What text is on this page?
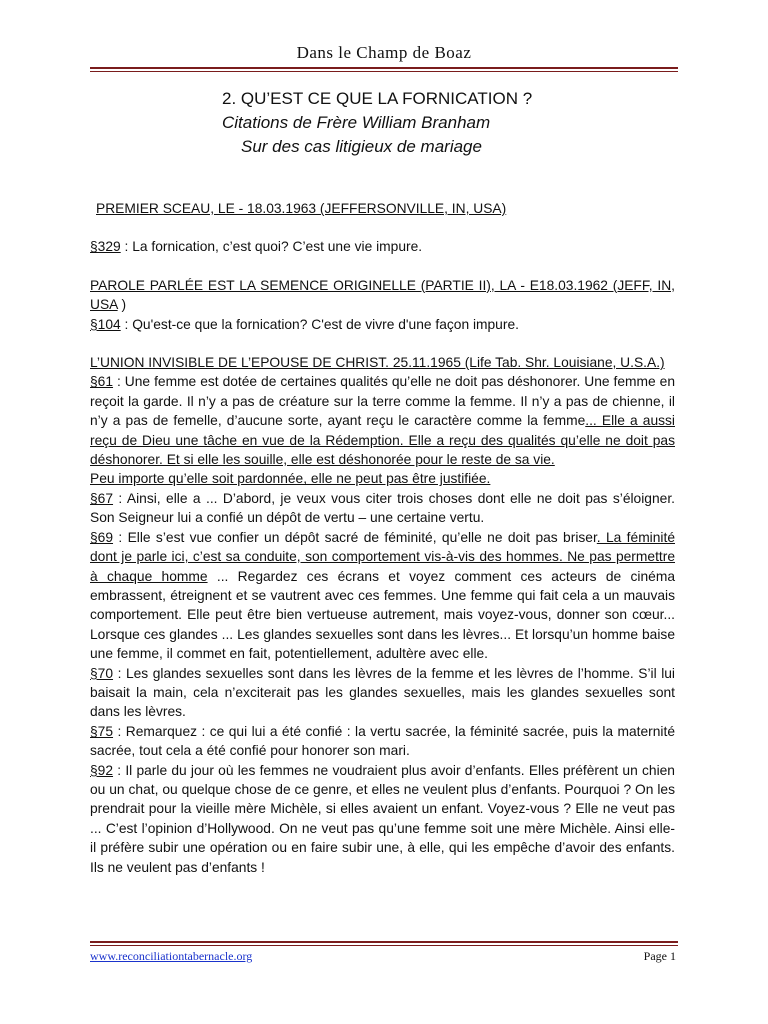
Dans le Champ de Boaz
2. QU’EST CE QUE LA FORNICATION ?
Citations de Frère William Branham
Sur des cas litigieux de mariage

PREMIER SCEAU, LE - 18.03.1963 (JEFFERSONVILLE, IN, USA)

§329 : La fornication, c’est quoi? C’est une vie impure.

PAROLE PARLÉE EST LA SEMENCE ORIGINELLE (PARTIE II), LA - E18.03.1962 (JEFF, IN, USA )

§104 : Qu'est-ce que la fornication? C'est de vivre d'une façon impure.

L’UNION INVISIBLE DE L’EPOUSE DE CHRIST. 25.11.1965 (Life Tab. Shr. Louisiane, U.S.A.)

§61 : Une femme est dotée de certaines qualités qu’elle ne doit pas déshonorer. Une femme en reçoit la garde. Il n’y a pas de créature sur la terre comme la femme. Il n’y a pas de chienne, il n’y a pas de femelle, d’aucune sorte, ayant reçu le caractère comme la femme... Elle a aussi reçu de Dieu une tâche en vue de la Rédemption. Elle a reçu des qualités qu’elle ne doit pas déshonorer. Et si elle les souille, elle est déshonorée pour le reste de sa vie.

Peu importe qu’elle soit pardonnée, elle ne peut pas être justifiée.

§67 : Ainsi, elle a ... D’abord, je veux vous citer trois choses dont elle ne doit pas s’éloigner. Son Seigneur lui a confié un dépôt de vertu – une certaine vertu.

§69 : Elle s’est vue confier un dépôt sacré de féminité, qu’elle ne doit pas briser. La féminité dont je parle ici, c’est sa conduite, son comportement vis-à-vis des hommes. Ne pas permettre à chaque homme ... Regardez ces écrans et voyez comment ces acteurs de cinéma embrassent, étreignent et se vautrent avec ces femmes. Une femme qui fait cela a un mauvais comportement. Elle peut être bien vertueuse autrement, mais voyez-vous, donner son cœur... Lorsque ces glandes ... Les glandes sexuelles sont dans les lèvres... Et lorsqu’un homme baise une femme, il commet en fait, potentiellement, adultère avec elle.

§70 : Les glandes sexuelles sont dans les lèvres de la femme et les lèvres de l’homme. S’il lui baisait la main, cela n’exciterait pas les glandes sexuelles, mais les glandes sexuelles sont dans les lèvres.

§75 : Remarquez : ce qui lui a été confié : la vertu sacrée, la féminité sacrée, puis la maternité sacrée, tout cela a été confié pour honorer son mari.

§92 : Il parle du jour où les femmes ne voudraient plus avoir d’enfants. Elles préfèrent un chien ou un chat, ou quelque chose de ce genre, et elles ne veulent plus d’enfants. Pourquoi ? On les prendrait pour la vieille mère Michèle, si elles avaient un enfant. Voyez-vous ? Elle ne veut pas ... C’est l’opinion d’Hollywood. On ne veut pas qu’une femme soit une mère Michèle. Ainsi elle- il préfère subir une opération ou en faire subir une, à elle, qui les empêche d’avoir des enfants. Ils ne veulent pas d’enfants !

www.reconciliationtabernacle.org	Page 1
